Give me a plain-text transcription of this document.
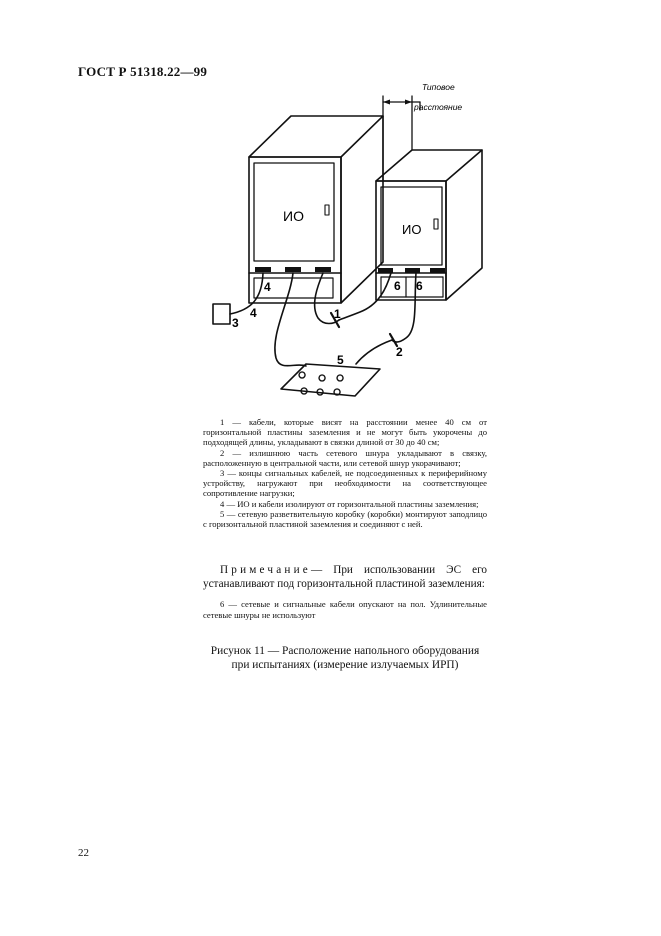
ГОСТ Р 51318.22—99
Типовое
расстояние
ИО
ИО
4
4
3
1
6 6
2
5

1 — кабели, которые висят на расстоянии менее 40 см от горизонтальной пластины заземления и не могут быть укорочены до подходящей длины, укладывают в связки длиной от 30 до 40 см;

2 — излишнюю часть сетевого шнура укладывают в связку, расположенную в центральной части, или сетевой шнур укорачивают;

3 — концы сигнальных кабелей, не подсоединенных к периферийному устройству, нагружают при необходимости на соответствующее сопротивление нагрузки;

4 — ИО и кабели изолируют от горизонтальной пластины заземления;

5 — сетевую разветвительную коробку (коробки) монтируют заподлицо с горизонтальной пластиной заземления и соединяют с ней.

Примечание— При использовании ЭС его устанавливают под горизонтальной пластиной заземления:

6 — сетевые и сигнальные кабели опускают на пол. Удлинительные сетевые шнуры не используют

Рисунок 11 — Расположение напольного оборудования
при испытаниях (измерение излучаемых ИРП)
22
